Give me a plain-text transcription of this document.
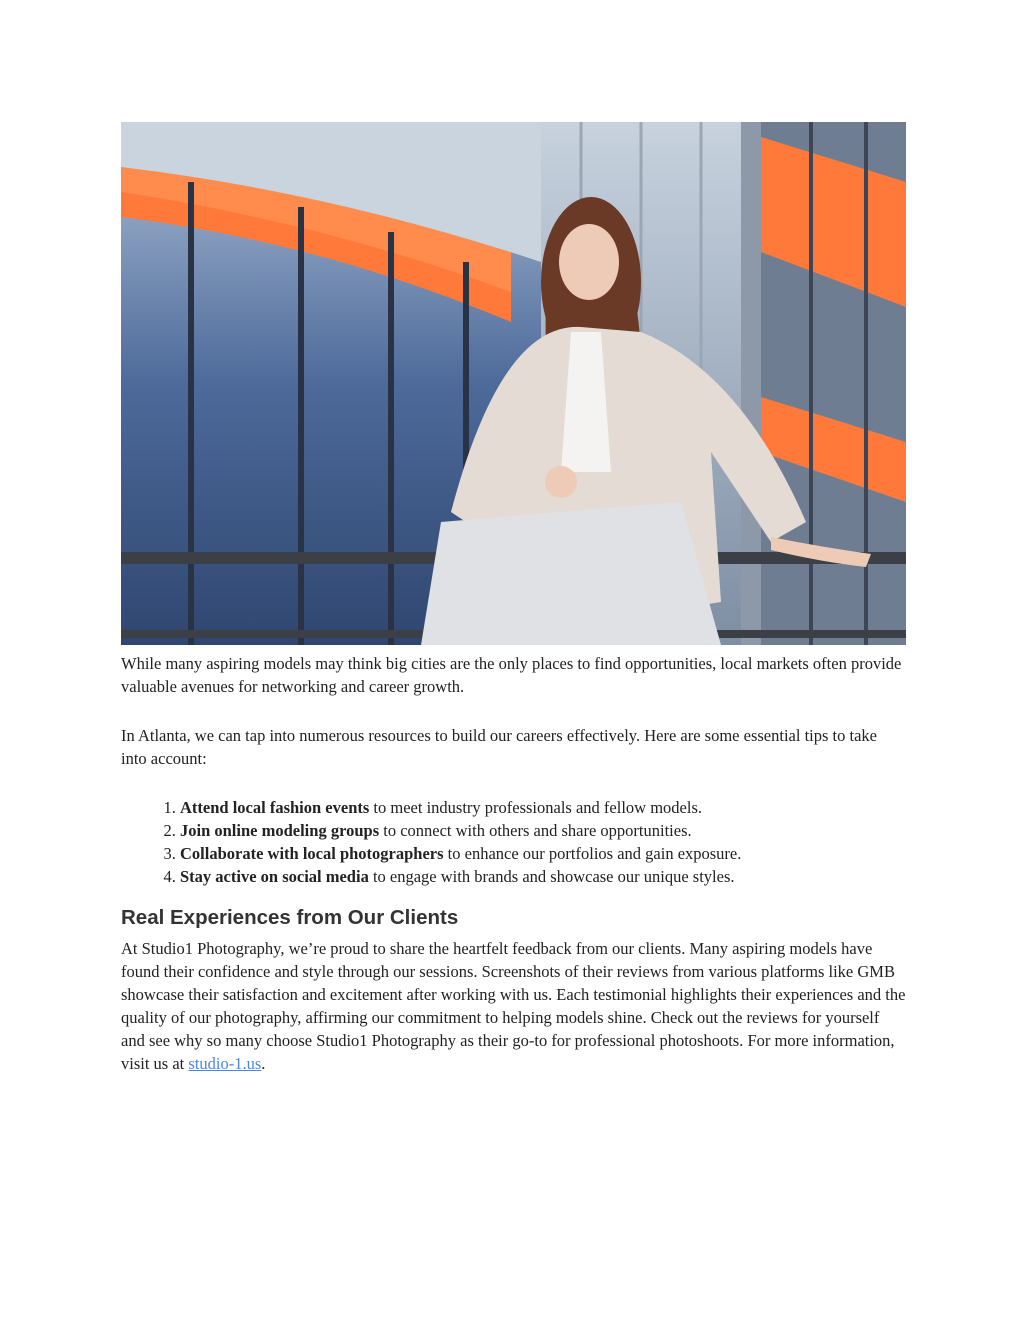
While many aspiring models may think big cities are the only places to find opportunities, local markets often provide valuable avenues for networking and career growth.

In Atlanta, we can tap into numerous resources to build our careers effectively. Here are some essential tips to take into account:

1. Attend local fashion events to meet industry professionals and fellow models.
2. Join online modeling groups to connect with others and share opportunities.
3. Collaborate with local photographers to enhance our portfolios and gain exposure.
4. Stay active on social media to engage with brands and showcase our unique styles.
Real Experiences from Our Clients

At Studio1 Photography, we’re proud to share the heartfelt feedback from our clients. Many aspiring models have found their confidence and style through our sessions. Screenshots of their reviews from various platforms like GMB showcase their satisfaction and excitement after working with us. Each testimonial highlights their experiences and the quality of our photography, affirming our commitment to helping models shine. Check out the reviews for yourself and see why so many choose Studio1 Photography as their go-to for professional photoshoots. For more information, visit us at studio-1.us.
